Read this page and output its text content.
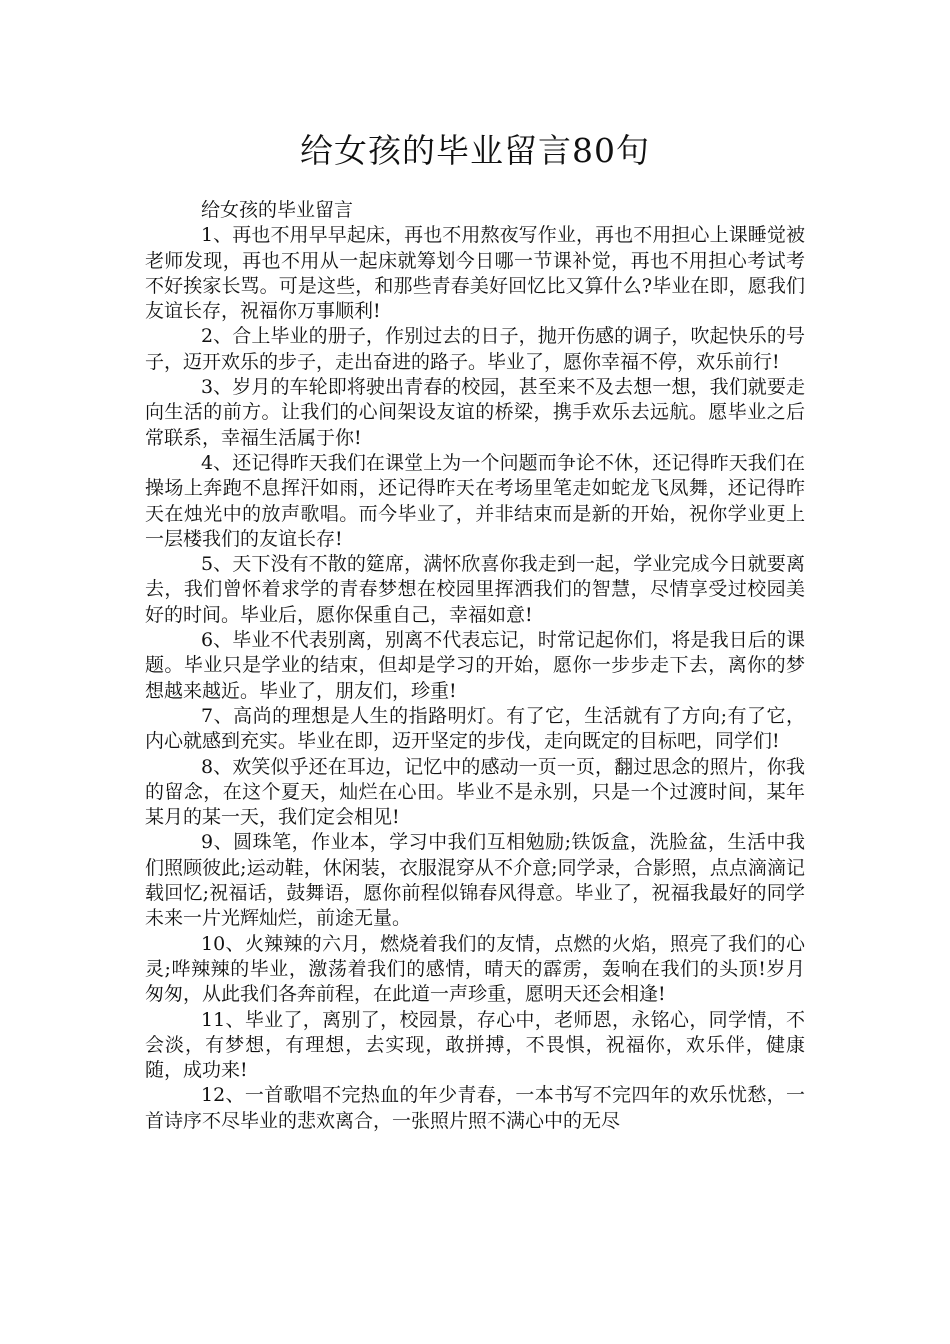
给女孩的毕业留言80句

给女孩的毕业留言

1、再也不用早早起床，再也不用熬夜写作业，再也不用担心上课睡觉被老师发现，再也不用从一起床就筹划今日哪一节课补觉，再也不用担心考试考不好挨家长骂。可是这些，和那些青春美好回忆比又算什么?毕业在即，愿我们友谊长存，祝福你万事顺利!

2、合上毕业的册子，作别过去的日子，抛开伤感的调子，吹起快乐的号子，迈开欢乐的步子，走出奋进的路子。毕业了，愿你幸福不停，欢乐前行!

3、岁月的车轮即将驶出青春的校园，甚至来不及去想一想，我们就要走向生活的前方。让我们的心间架设友谊的桥梁，携手欢乐去远航。愿毕业之后常联系，幸福生活属于你!

4、还记得昨天我们在课堂上为一个问题而争论不休，还记得昨天我们在操场上奔跑不息挥汗如雨，还记得昨天在考场里笔走如蛇龙飞凤舞，还记得昨天在烛光中的放声歌唱。而今毕业了，并非结束而是新的开始，祝你学业更上一层楼我们的友谊长存!

5、天下没有不散的筵席，满怀欣喜你我走到一起，学业完成今日就要离去，我们曾怀着求学的青春梦想在校园里挥洒我们的智慧，尽情享受过校园美好的时间。毕业后，愿你保重自己，幸福如意!

6、毕业不代表别离，别离不代表忘记，时常记起你们，将是我日后的课题。毕业只是学业的结束，但却是学习的开始，愿你一步步走下去，离你的梦想越来越近。毕业了，朋友们，珍重!

7、高尚的理想是人生的指路明灯。有了它，生活就有了方向;有了它，内心就感到充实。毕业在即，迈开坚定的步伐，走向既定的目标吧，同学们!

8、欢笑似乎还在耳边，记忆中的感动一页一页，翻过思念的照片，你我的留念，在这个夏天，灿烂在心田。毕业不是永别，只是一个过渡时间，某年某月的某一天，我们定会相见!

9、圆珠笔，作业本，学习中我们互相勉励;铁饭盒，洗脸盆，生活中我们照顾彼此;运动鞋，休闲装，衣服混穿从不介意;同学录，合影照，点点滴滴记载回忆;祝福话，鼓舞语，愿你前程似锦春风得意。毕业了，祝福我最好的同学未来一片光辉灿烂，前途无量。

10、火辣辣的六月，燃烧着我们的友情，点燃的火焰，照亮了我们的心灵;哗辣辣的毕业，激荡着我们的感情，晴天的霹雳，轰响在我们的头顶!岁月匆匆，从此我们各奔前程，在此道一声珍重，愿明天还会相逢!

11、毕业了，离别了，校园景，存心中，老师恩，永铭心，同学情，不会淡，有梦想，有理想，去实现，敢拼搏，不畏惧，祝福你，欢乐伴，健康随，成功来!

12、一首歌唱不完热血的年少青春，一本书写不完四年的欢乐忧愁，一首诗序不尽毕业的悲欢离合，一张照片照不满心中的无尽
